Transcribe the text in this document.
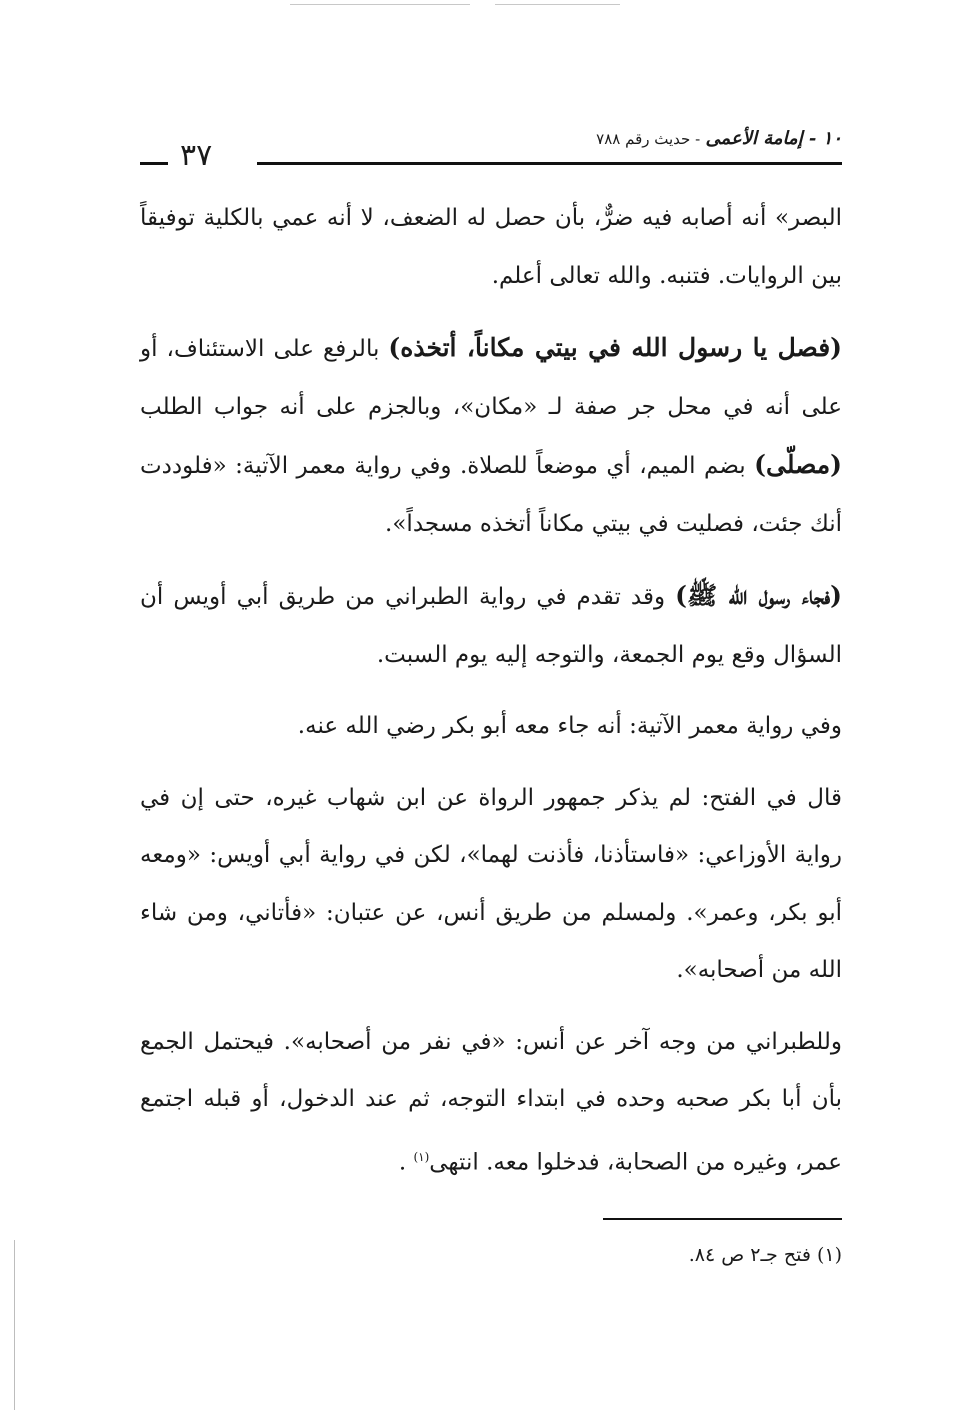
١٠ - إمامة الأعمى - حديث رقم ٧٨٨
٣٧

البصر» أنه أصابه فيه ضرٌّ، بأن حصل له الضعف، لا أنه عمي بالكلية توفيقاً بين الروايات. فتنبه. والله تعالى أعلم.

(فصل يا رسول الله في بيتي مكاناً، أتخذه) بالرفع على الاستئناف، أو على أنه في محل جر صفة لـ «مكان»، وبالجزم على أنه جواب الطلب (مصلّى) بضم الميم، أي موضعاً للصلاة. وفي رواية معمر الآتية: «فلوددت أنك جئت، فصليت في بيتي مكاناً أتخذه مسجداً».

(فجاء رسول الله ﷺ) وقد تقدم في رواية الطبراني من طريق أبي أويس أن السؤال وقع يوم الجمعة، والتوجه إليه يوم السبت.

وفي رواية معمر الآتية: أنه جاء معه أبو بكر رضي الله عنه.

قال في الفتح: لم يذكر جمهور الرواة عن ابن شهاب غيره، حتى إن في رواية الأوزاعي: «فاستأذنا، فأذنت لهما»، لكن في رواية أبي أويس: «ومعه أبو بكر، وعمر». ولمسلم من طريق أنس، عن عتبان: «فأتاني، ومن شاء الله من أصحابه».

وللطبراني من وجه آخر عن أنس: «في نفر من أصحابه». فيحتمل الجمع بأن أبا بكر صحبه وحده في ابتداء التوجه، ثم عند الدخول، أو قبله اجتمع عمر، وغيره من الصحابة، فدخلوا معه. انتهى$^{(١)}$ .

(١) فتح جـ٢ ص ٨٤.
